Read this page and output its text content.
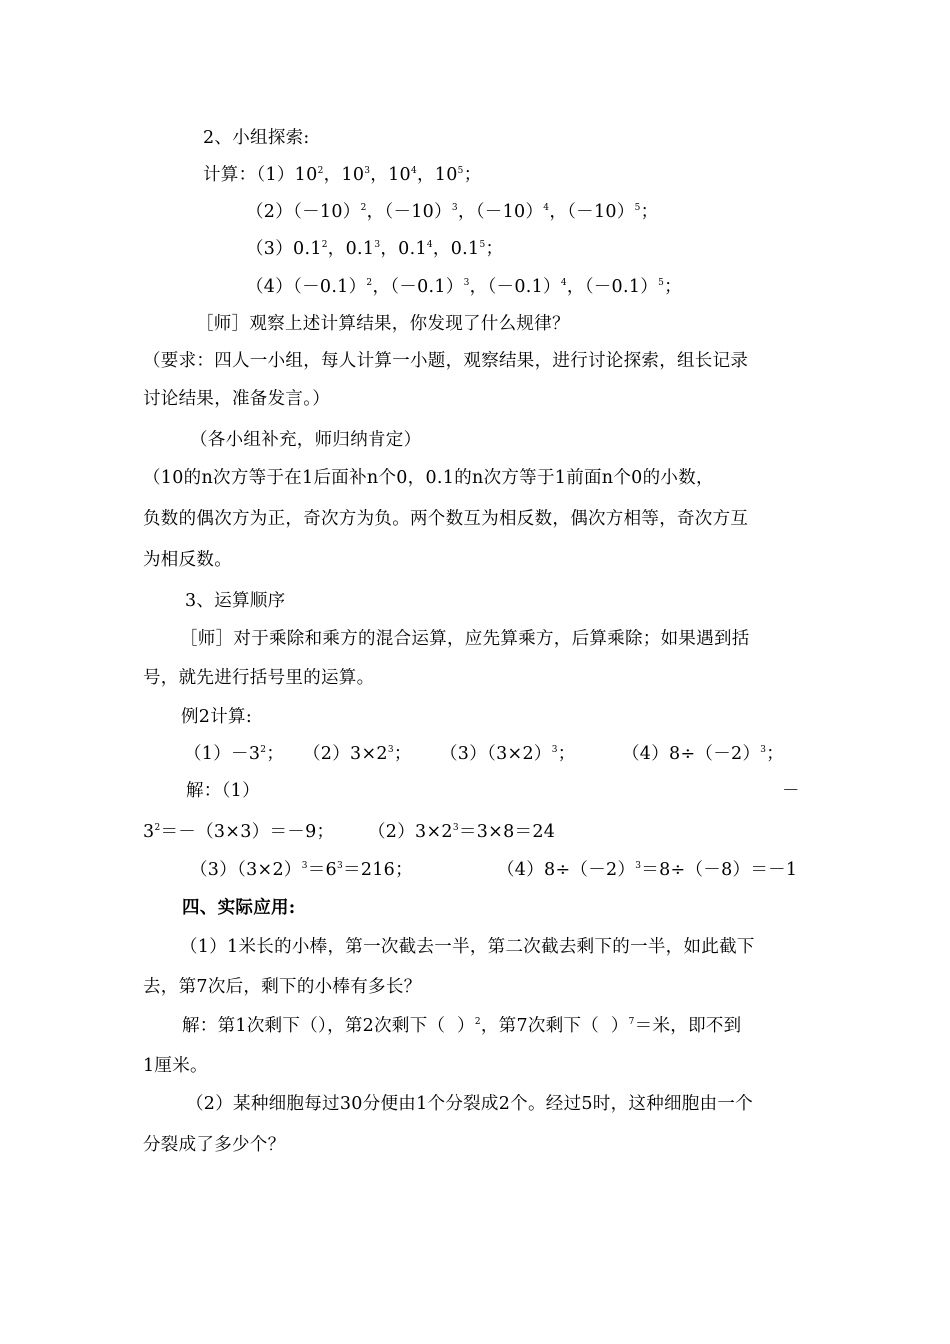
2、小组探索:
计算：$(1)10^2$，$10^3$，$10^4$，$10^5$；
$(2)(-10)^2$，$(-10)^3$，$(-10)^4$，$(-10)^5$；
$(3)0.1^2$，$0.1^3$，$0.1^4$，$0.1^5$；
$(4)(-0.1)^2$，$(-0.1)^3$，$(-0.1)^4$，$(-0.1)^5$；
［师］观察上述计算结果，你发现了什么规律？
（要求：四人一小组，每人计算一小题，观察结果，进行讨论探索，组长记录
讨论结果，准备发言。）
（各小组补充，师归纳肯定）
（10的n次方等于在1后面补n个0，0.1的n次方等于1前面n个0的小数，
负数的偶次方为正，奇次方为负。两个数互为相反数，偶次方相等，奇次方互
为相反数。
3、运算顺序
［师］对于乘除和乘方的混合运算，应先算乘方，后算乘除；如果遇到括
号，就先进行括号里的运算。
例2计算:
$(1)-3^2$； $(2)3\times 2^3$； $(3)(3\times 2)^3$；	$(4)8\div(-2)^3$；
解：（1）	－
$3^2=-(3\times 3)=-9$； $(2)3\times 2^3=3\times 8=24$
$(3)(3\times 2)^3=6^3=216$；	$(4)8\div(-2)^3=8\div(-8)=-1$
四、实际应用:
（1）1米长的小棒，第一次截去一半，第二次截去剩下的一半，如此截下
去，第7次后，剩下的小棒有多长？
解：第1次剩下（），第2次剩下（  ）$^2$，第7次剩下（  ）$^7$＝米，即不到
1厘米。
（2）某种细胞每过30分便由1个分裂成2个。经过5时，这种细胞由一个
分裂成了多少个？
